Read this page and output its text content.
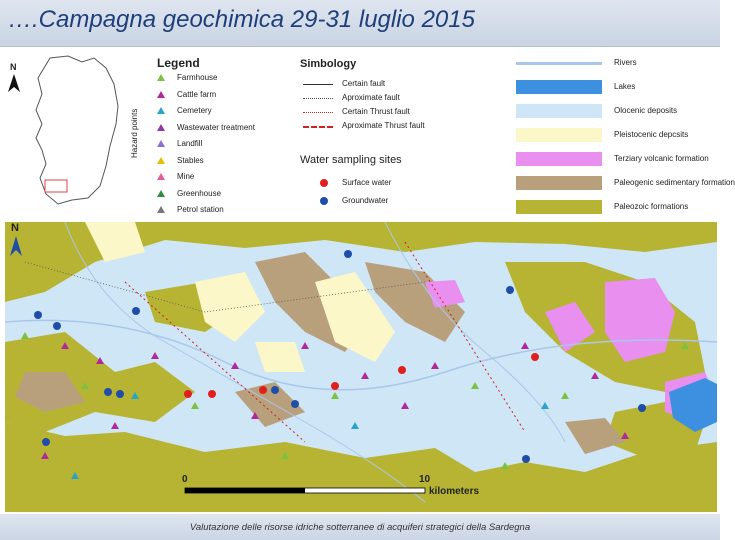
….Campagna geochimica 29-31 luglio 2015
N
Hazard points
Legend
Farmhouse
Cattle farm
Cemetery
Wastewater treatment
Landfill
Stables
Mine
Greenhouse
Petrol station
Simbology
Water sampling sites
Certain fault
Aproximate fault
Certain Thrust fault
Aproximate Thrust fault
Surface water
Groundwater
Rivers
Lakes
Olocenic deposits
Pleistocenic depcsits
Terziary volcanic formation
Paleogenic sedimentary formation
Paleozoic formations
N
0	10
kilometers
Valutazione delle risorse idriche sotterranee di acquiferi strategici della Sardegna
